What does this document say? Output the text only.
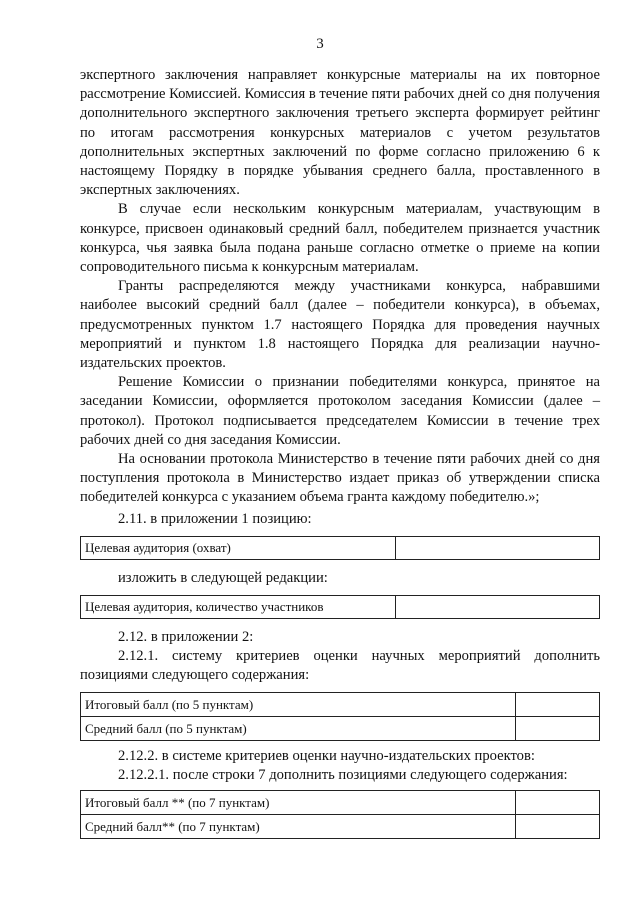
3

экспертного заключения направляет конкурсные материалы на их повторное рассмотрение Комиссией. Комиссия в течение пяти рабочих дней со дня получения дополнительного экспертного заключения третьего эксперта формирует рейтинг по итогам рассмотрения конкурсных материалов с учетом результатов дополнительных экспертных заключений по форме согласно приложению 6 к настоящему Порядку в порядке убывания среднего балла, проставленного в экспертных заключениях.

В случае если нескольким конкурсным материалам, участвующим в конкурсе, присвоен одинаковый средний балл, победителем признается участник конкурса, чья заявка была подана раньше согласно отметке о приеме на копии сопроводительного письма к конкурсным материалам.

Гранты распределяются между участниками конкурса, набравшими наиболее высокий средний балл (далее – победители конкурса), в объемах, предусмотренных пунктом 1.7 настоящего Порядка для проведения научных мероприятий и пунктом 1.8 настоящего Порядка для реализации научно-издательских проектов.

Решение Комиссии о признании победителями конкурса, принятое на заседании Комиссии, оформляется протоколом заседания Комиссии (далее – протокол). Протокол подписывается председателем Комиссии в течение трех рабочих дней со дня заседания Комиссии.

На основании протокола Министерство в течение пяти рабочих дней со дня поступления протокола в Министерство издает приказ об утверждении списка победителей конкурса с указанием объема гранта каждому победителю.»;

2.11. в приложении 1 позицию:

Целевая аудитория (охват)	

изложить в следующей редакции:

Целевая аудитория, количество участников	

2.12. в приложении 2:

2.12.1. систему критериев оценки научных мероприятий дополнить позициями следующего содержания:

Итоговый балл (по 5 пунктам)	
Средний балл (по 5 пунктам)	

2.12.2. в системе критериев оценки научно-издательских проектов:

2.12.2.1. после строки 7 дополнить позициями следующего содержания:

Итоговый балл ** (по 7 пунктам)	
Средний балл** (по 7 пунктам)	
